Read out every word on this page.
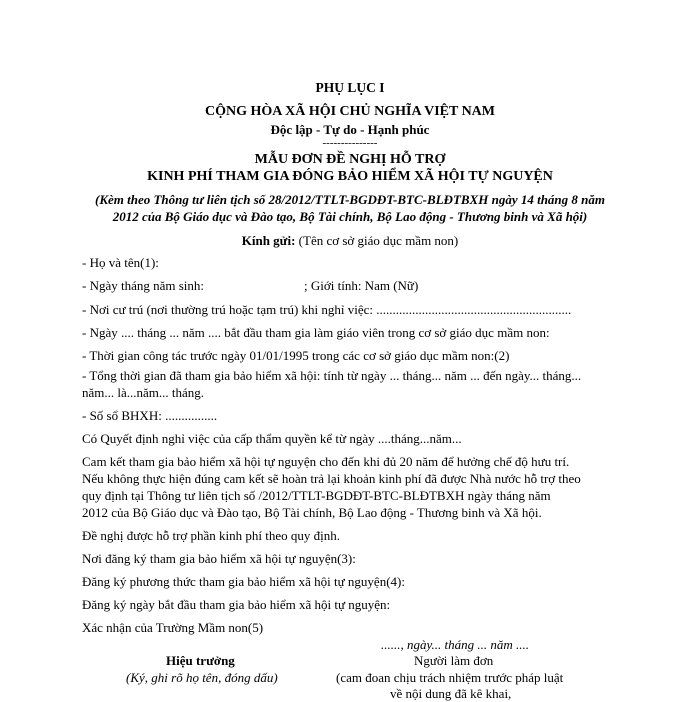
PHỤ LỤC I
CỘNG HÒA XÃ HỘI CHỦ NGHĨA VIỆT NAM
Độc lập - Tự do - Hạnh phúc
---------------
MẪU ĐƠN ĐỀ NGHỊ HỖ TRỢ
KINH PHÍ THAM GIA ĐÓNG BẢO HIỂM XÃ HỘI TỰ NGUYỆN
(Kèm theo Thông tư liên tịch số 28/2012/TTLT-BGDĐT-BTC-BLĐTBXH ngày 14 tháng 8 năm
2012 của Bộ Giáo dục và Đào tạo, Bộ Tài chính, Bộ Lao động - Thương binh và Xã hội)
Kính gửi: (Tên cơ sở giáo dục mầm non)
- Họ và tên(1):
- Ngày tháng năm sinh:	; Giới tính: Nam (Nữ)
- Nơi cư trú (nơi thường trú hoặc tạm trú) khi nghỉ việc: ............................................................
- Ngày .... tháng ... năm .... bắt đầu tham gia làm giáo viên trong cơ sở giáo dục mầm non:
- Thời gian công tác trước ngày 01/01/1995 trong các cơ sở giáo dục mầm non:(2)
- Tổng thời gian đã tham gia bảo hiểm xã hội: tính từ ngày ... tháng... năm ... đến ngày... tháng...
năm... là...năm... tháng.
- Số sổ BHXH: ................
Có Quyết định nghỉ việc của cấp thẩm quyền kể từ ngày ....tháng...năm...
Cam kết tham gia bảo hiểm xã hội tự nguyện cho đến khi đủ 20 năm để hưởng chế độ hưu trí.
Nếu không thực hiện đúng cam kết sẽ hoàn trả lại khoản kinh phí đã được Nhà nước hỗ trợ theo
quy định tại Thông tư liên tịch số /2012/TTLT-BGDĐT-BTC-BLĐTBXH ngày tháng năm
2012 của Bộ Giáo dục và Đào tạo, Bộ Tài chính, Bộ Lao động - Thương binh và Xã hội.
Đề nghị được hỗ trợ phần kinh phí theo quy định.
Nơi đăng ký tham gia bảo hiểm xã hội tự nguyện(3):
Đăng ký phương thức tham gia bảo hiểm xã hội tự nguyện(4):
Đăng ký ngày bắt đầu tham gia bảo hiểm xã hội tự nguyện:
Xác nhận của Trường Mầm non(5)
......, ngày... tháng ... năm ....
Hiệu trưởng
(Ký, ghi rõ họ tên, đóng dấu)
Người làm đơn
(cam đoan chịu trách nhiệm trước pháp luật
về nội dung đã kê khai,
